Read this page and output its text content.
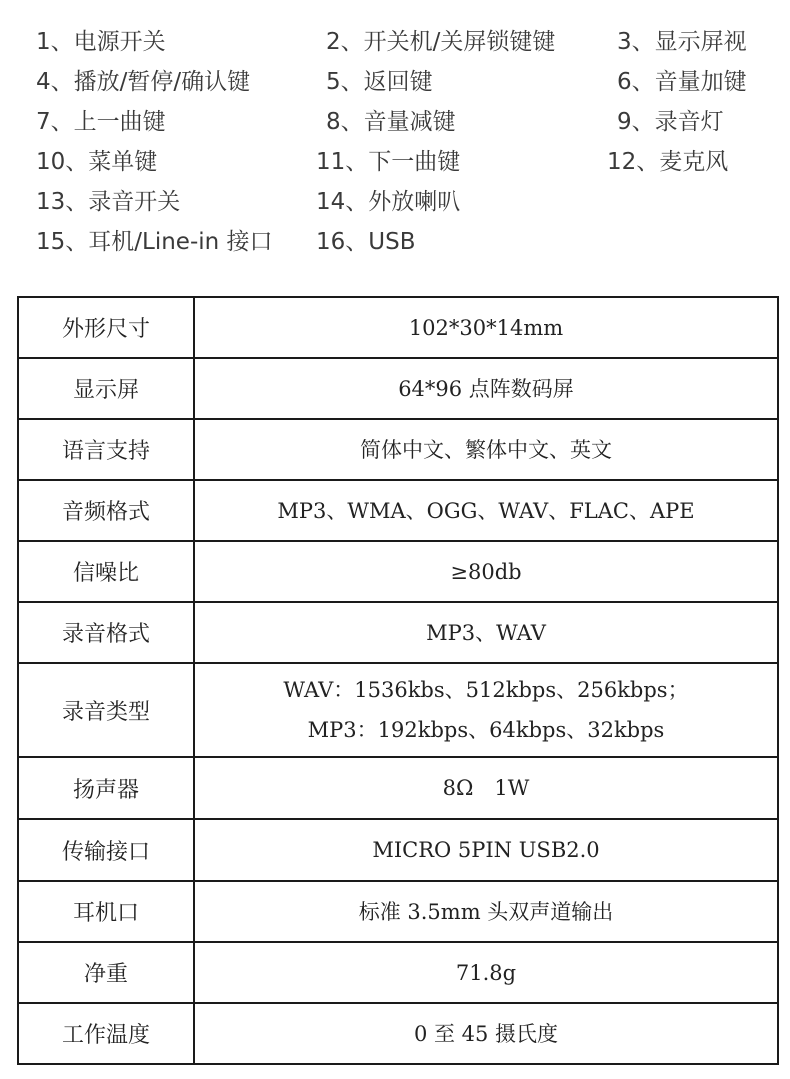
1、电源开关	2、开关机/关屏锁键键	3、显示屏视
4、播放/暂停/确认键	5、返回键	6、音量加键
7、上一曲键	8、音量减键	9、录音灯
10、菜单键	11、下一曲键	12、麦克风
13、录音开关	14、外放喇叭
15、耳机/Line-in 接口 16、USB
外形尺寸	102*30*14mm

显示屏	64*96 点阵数码屏

语言支持	简体中文、繁体中文、英文

音频格式	MP3、WMA、OGG、WAV、FLAC、APE

信噪比	≥80db

录音格式	MP3、WAV

录音类型	WAV：1536kbs、512kbps、256kbps；
MP3：192kbps、64kbps、32kbps

扬声器	8Ω　1W

传输接口	MICRO 5PIN USB2.0

耳机口	标准 3.5mm 头双声道输出

净重	71.8g

工作温度	0 至 45 摄氏度
